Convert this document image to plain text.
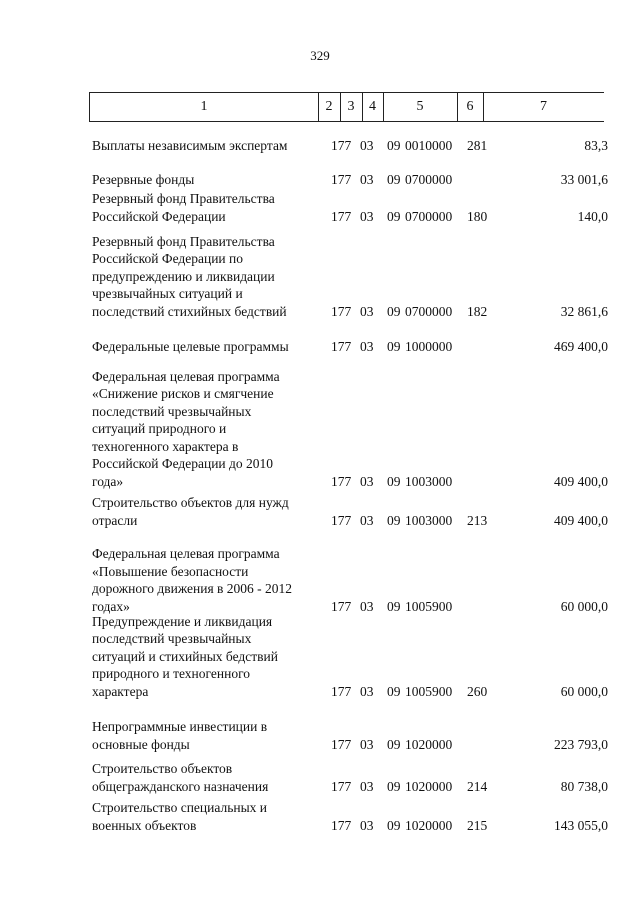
329
1	2	3	4	5	6	7
Выплаты независимым экспертам	177 03 09 0010000 281	83,3
Резервные фонды	177 03 09 0700000	33 001,6
Резервный фонд Правительства
Российской Федерации	177 03 09 0700000 180	140,0
Резервный фонд Правительства
Российской Федерации по
предупреждению и ликвидации
чрезвычайных ситуаций и
последствий стихийных бедствий	177 03 09 0700000 182	32 861,6
Федеральные целевые программы	177 03 09 1000000	469 400,0
Федеральная целевая программа
«Снижение рисков и смягчение
последствий чрезвычайных
ситуаций природного и
техногенного характера в
Российской Федерации до 2010
года»	177 03 09 1003000	409 400,0
Строительство объектов для нужд
отрасли	177 03 09 1003000 213	409 400,0
Федеральная целевая программа
«Повышение безопасности
дорожного движения в 2006 - 2012
годах»	177 03 09 1005900	60 000,0
Предупреждение и ликвидация
последствий чрезвычайных
ситуаций и стихийных бедствий
природного и техногенного
характера	177 03 09 1005900 260	60 000,0
Непрограммные инвестиции в
основные фонды	177 03 09 1020000	223 793,0
Строительство объектов
общегражданского назначения	177 03 09 1020000 214	80 738,0
Строительство специальных и
военных объектов	177 03 09 1020000 215	143 055,0
